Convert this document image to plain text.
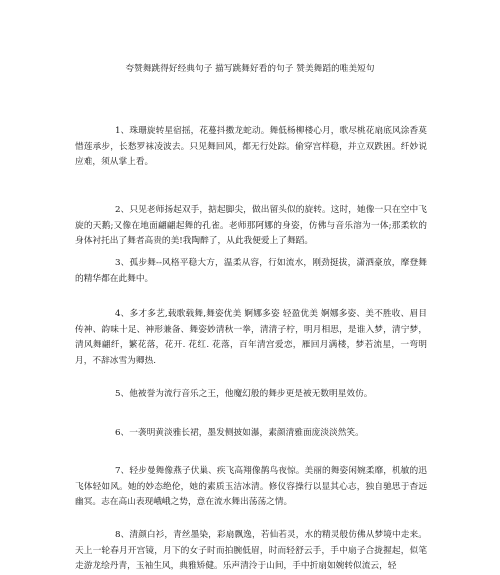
夸赞舞跳得好经典句子 描写跳舞好看的句子 赞美舞蹈的唯美短句

1、珠珊旋转星宿摇，花蔓抖擞龙蛇动。舞低杨柳楼心月，歌尽桃花扇底风涂香莫惜莲承步，长愁罗袜凌波去。只见舞回风，都无行处踪。偷穿宫样稳，并立双跌困。纤妙说应难，须从掌上看。

2、只见老师扬起双手，掂起脚尖，做出留头似的旋转。这时，她像一只在空中飞旋的天鹅;又像在地面翩翩起舞的孔雀。老师那阿娜的身姿，仿佛与音乐溶为一体;那柔软的身体衬托出了舞者高贵的美!我陶醉了，从此我便爱上了舞蹈。

3、孤步舞--风格平稳大方，温柔从容，行如流水，刚劲挺拔，潇洒豪放，摩登舞的精华都在此舞中。

4、多才多艺,载歌载舞,舞姿优美 婀娜多姿 轻盈优美 婀娜多姿、美不胜收、眉目传神、韵味十足、神形兼备、舞姿妙清秋一拳，清清子柠，明月相思，是谁入梦，清宁梦，清风舞翩纤，繁花落，花开. 花红. 花落，百年清宫爱恋，雁回月满楼，梦若流星，一弯明月，不辞冰雪为卿热.

5、他被誉为流行音乐之王，他魔幻般的舞步更是被无数明星效仿。

6、一袭明黄淡雅长裙，墨发侧披如瀑，素颜清雅面庞淡淡然笑。

7、轻步曼舞像燕子伏巢、疾飞高翔像鹊鸟夜惊。美丽的舞姿闲婉柔靡，机敏的迅飞体轻如风。她的妙态绝伦，她的素质玉洁冰清。修仪容操行以显其心志，独自驰思于杳远幽冥。志在高山表现峨峨之势，意在流水舞出荡荡之情。

8、清颜白衫，青丝墨染，彩扇飘逸，若仙若灵，水的精灵般仿佛从梦境中走来。天上一轮春月开宫镜，月下的女子时而拍腕低眉，时而轻舒云手，手中扇子合拢握起，似笔走游龙绘丹青，玉袖生风，典雅矫健。乐声清泠于山间，手中折扇如婉转似流云，轻
